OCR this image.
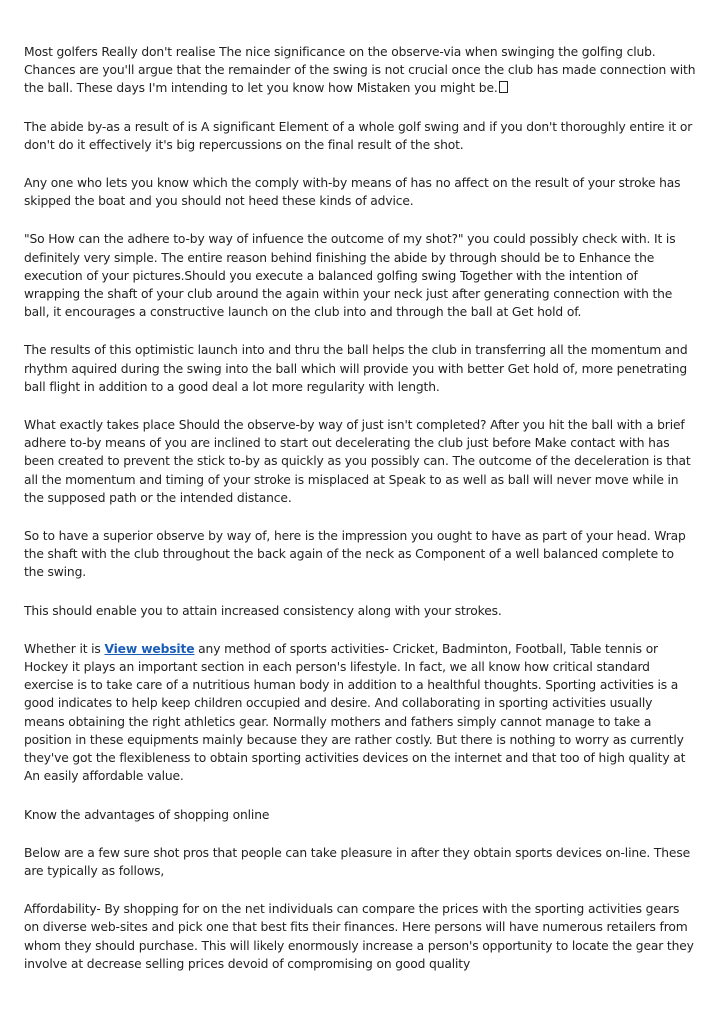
Most golfers Really don't realise The nice significance on the observe-via when swinging the golfing club. Chances are you'll argue that the remainder of the swing is not crucial once the club has made connection with the ball. These days I'm intending to let you know how Mistaken you might be.

The abide by-as a result of is A significant Element of a whole golf swing and if you don't thoroughly entire it or don't do it effectively it's big repercussions on the final result of the shot.

Any one who lets you know which the comply with-by means of has no affect on the result of your stroke has skipped the boat and you should not heed these kinds of advice.

"So How can the adhere to-by way of infuence the outcome of my shot?" you could possibly check with. It is definitely very simple. The entire reason behind finishing the abide by through should be to Enhance the execution of your pictures.Should you execute a balanced golfing swing Together with the intention of wrapping the shaft of your club around the again within your neck just after generating connection with the ball, it encourages a constructive launch on the club into and through the ball at Get hold of.

The results of this optimistic launch into and thru the ball helps the club in transferring all the momentum and rhythm aquired during the swing into the ball which will provide you with better Get hold of, more penetrating ball flight in addition to a good deal a lot more regularity with length.

What exactly takes place Should the observe-by way of just isn't completed? After you hit the ball with a brief adhere to-by means of you are inclined to start out decelerating the club just before Make contact with has been created to prevent the stick to-by as quickly as you possibly can. The outcome of the deceleration is that all the momentum and timing of your stroke is misplaced at Speak to as well as ball will never move while in the supposed path or the intended distance.

So to have a superior observe by way of, here is the impression you ought to have as part of your head. Wrap the shaft with the club throughout the back again of the neck as Component of a well balanced complete to the swing.

This should enable you to attain increased consistency along with your strokes.

Whether it is View website any method of sports activities- Cricket, Badminton, Football, Table tennis or Hockey it plays an important section in each person's lifestyle. In fact, we all know how critical standard exercise is to take care of a nutritious human body in addition to a healthful thoughts. Sporting activities is a good indicates to help keep children occupied and desire. And collaborating in sporting activities usually means obtaining the right athletics gear. Normally mothers and fathers simply cannot manage to take a position in these equipments mainly because they are rather costly. But there is nothing to worry as currently they've got the flexibleness to obtain sporting activities devices on the internet and that too of high quality at An easily affordable value.

Know the advantages of shopping online

Below are a few sure shot pros that people can take pleasure in after they obtain sports devices on-line. These are typically as follows,

Affordability- By shopping for on the net individuals can compare the prices with the sporting activities gears on diverse web-sites and pick one that best fits their finances. Here persons will have numerous retailers from whom they should purchase. This will likely enormously increase a person's opportunity to locate the gear they involve at decrease selling prices devoid of compromising on good quality
